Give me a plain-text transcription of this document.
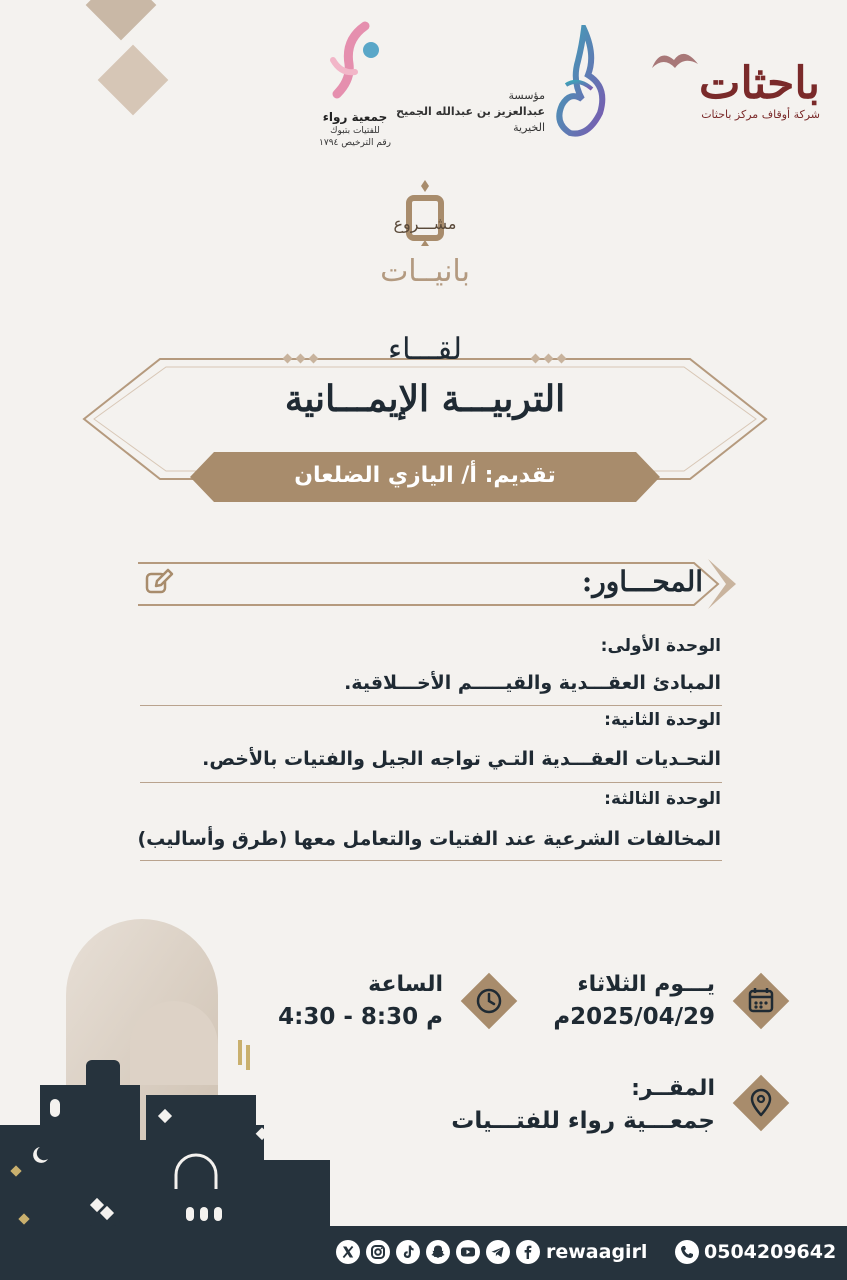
باحثات
شركة أوقاف مركز باحثات
مؤسسة
عبدالعزيز بن عبدالله الجميح
الخيرية
جمعية رواء
للفتيات بتبوك
رقم الترخيص ١٧٩٤
مشـــروع
بانيــات
لقـــاء
التربيـــة الإيمـــانية
تقديم: أ/ اليازي الضلعان
المحـــاور:
الوحدة الأولى:
المبادئ العقـــدية والقيـــــم الأخـــلاقية.
الوحدة الثانية:
التحـديات العقـــدية التـي تواجه الجيل والفتيات بالأخص.
الوحدة الثالثة:
المخالفات الشرعية عند الفتيات والتعامل معها (طرق وأساليب)
يـــوم الثلاثاء
2025/04/29م
الساعة
4:30 - 8:30 م
المقــر:
جمعـــية رواء للفتـــيات
0504209642
rewaagirl
